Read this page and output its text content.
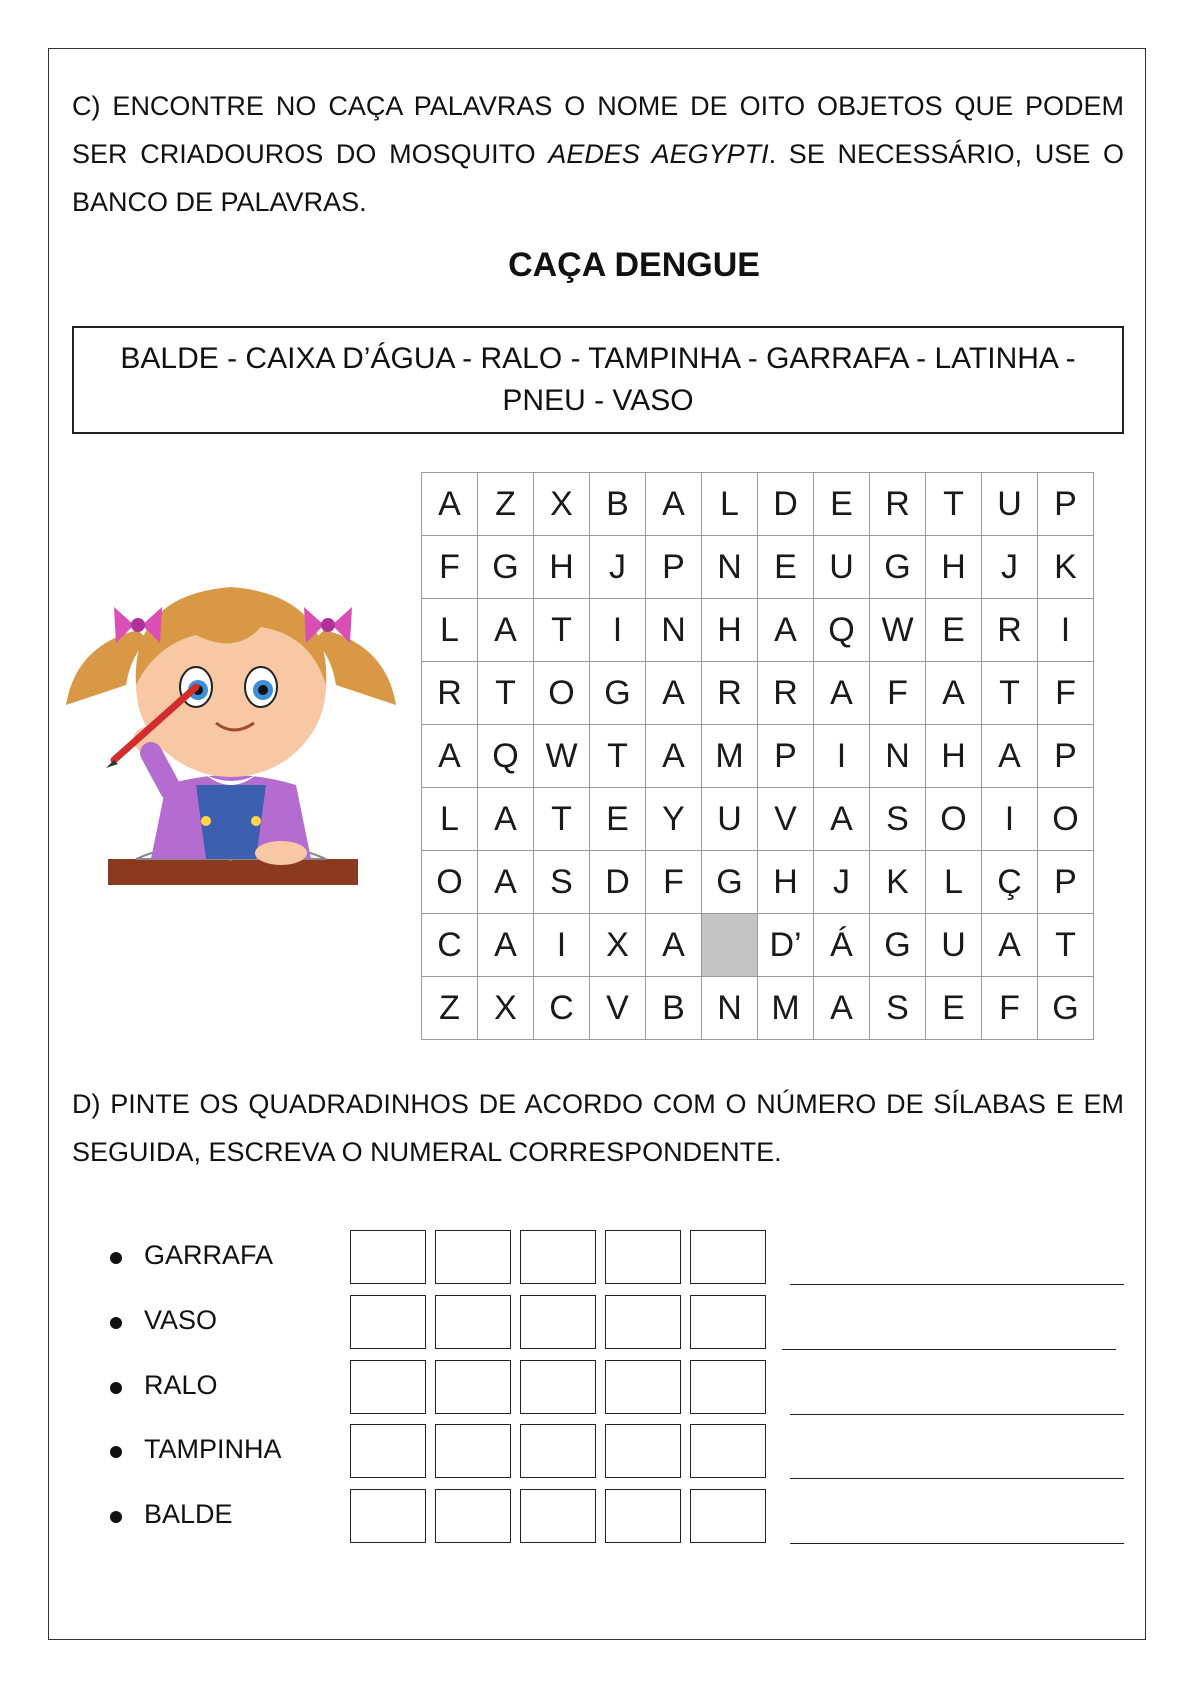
C) ENCONTRE NO CAÇA PALAVRAS O NOME DE OITO OBJETOS QUE PODEM SER CRIADOUROS DO MOSQUITO AEDES AEGYPTI. SE NECESSÁRIO, USE O BANCO DE PALAVRAS.
CAÇA DENGUE
BALDE - CAIXA D’ÁGUA - RALO - TAMPINHA - GARRAFA - LATINHA - PNEU - VASO
A	Z	X	B	A	L	D	E	R	T	U	P
F	G	H	J	P	N	E	U	G	H	J	K
L	A	T	I	N	H	A	Q	W	E	R	I
R	T	O	G	A	R	R	A	F	A	T	F
A	Q	W	T	A	M	P	I	N	H	A	P
L	A	T	E	Y	U	V	A	S	O	I	O
O	A	S	D	F	G	H	J	K	L	Ç	P
C	A	I	X	A		D’	Á	G	U	A	T
Z	X	C	V	B	N	M	A	S	E	F	G
D) PINTE OS QUADRADINHOS DE ACORDO COM O NÚMERO DE SÍLABAS E EM SEGUIDA, ESCREVA O NUMERAL CORRESPONDENTE.
GARRAFA
VASO
RALO
TAMPINHA
BALDE
